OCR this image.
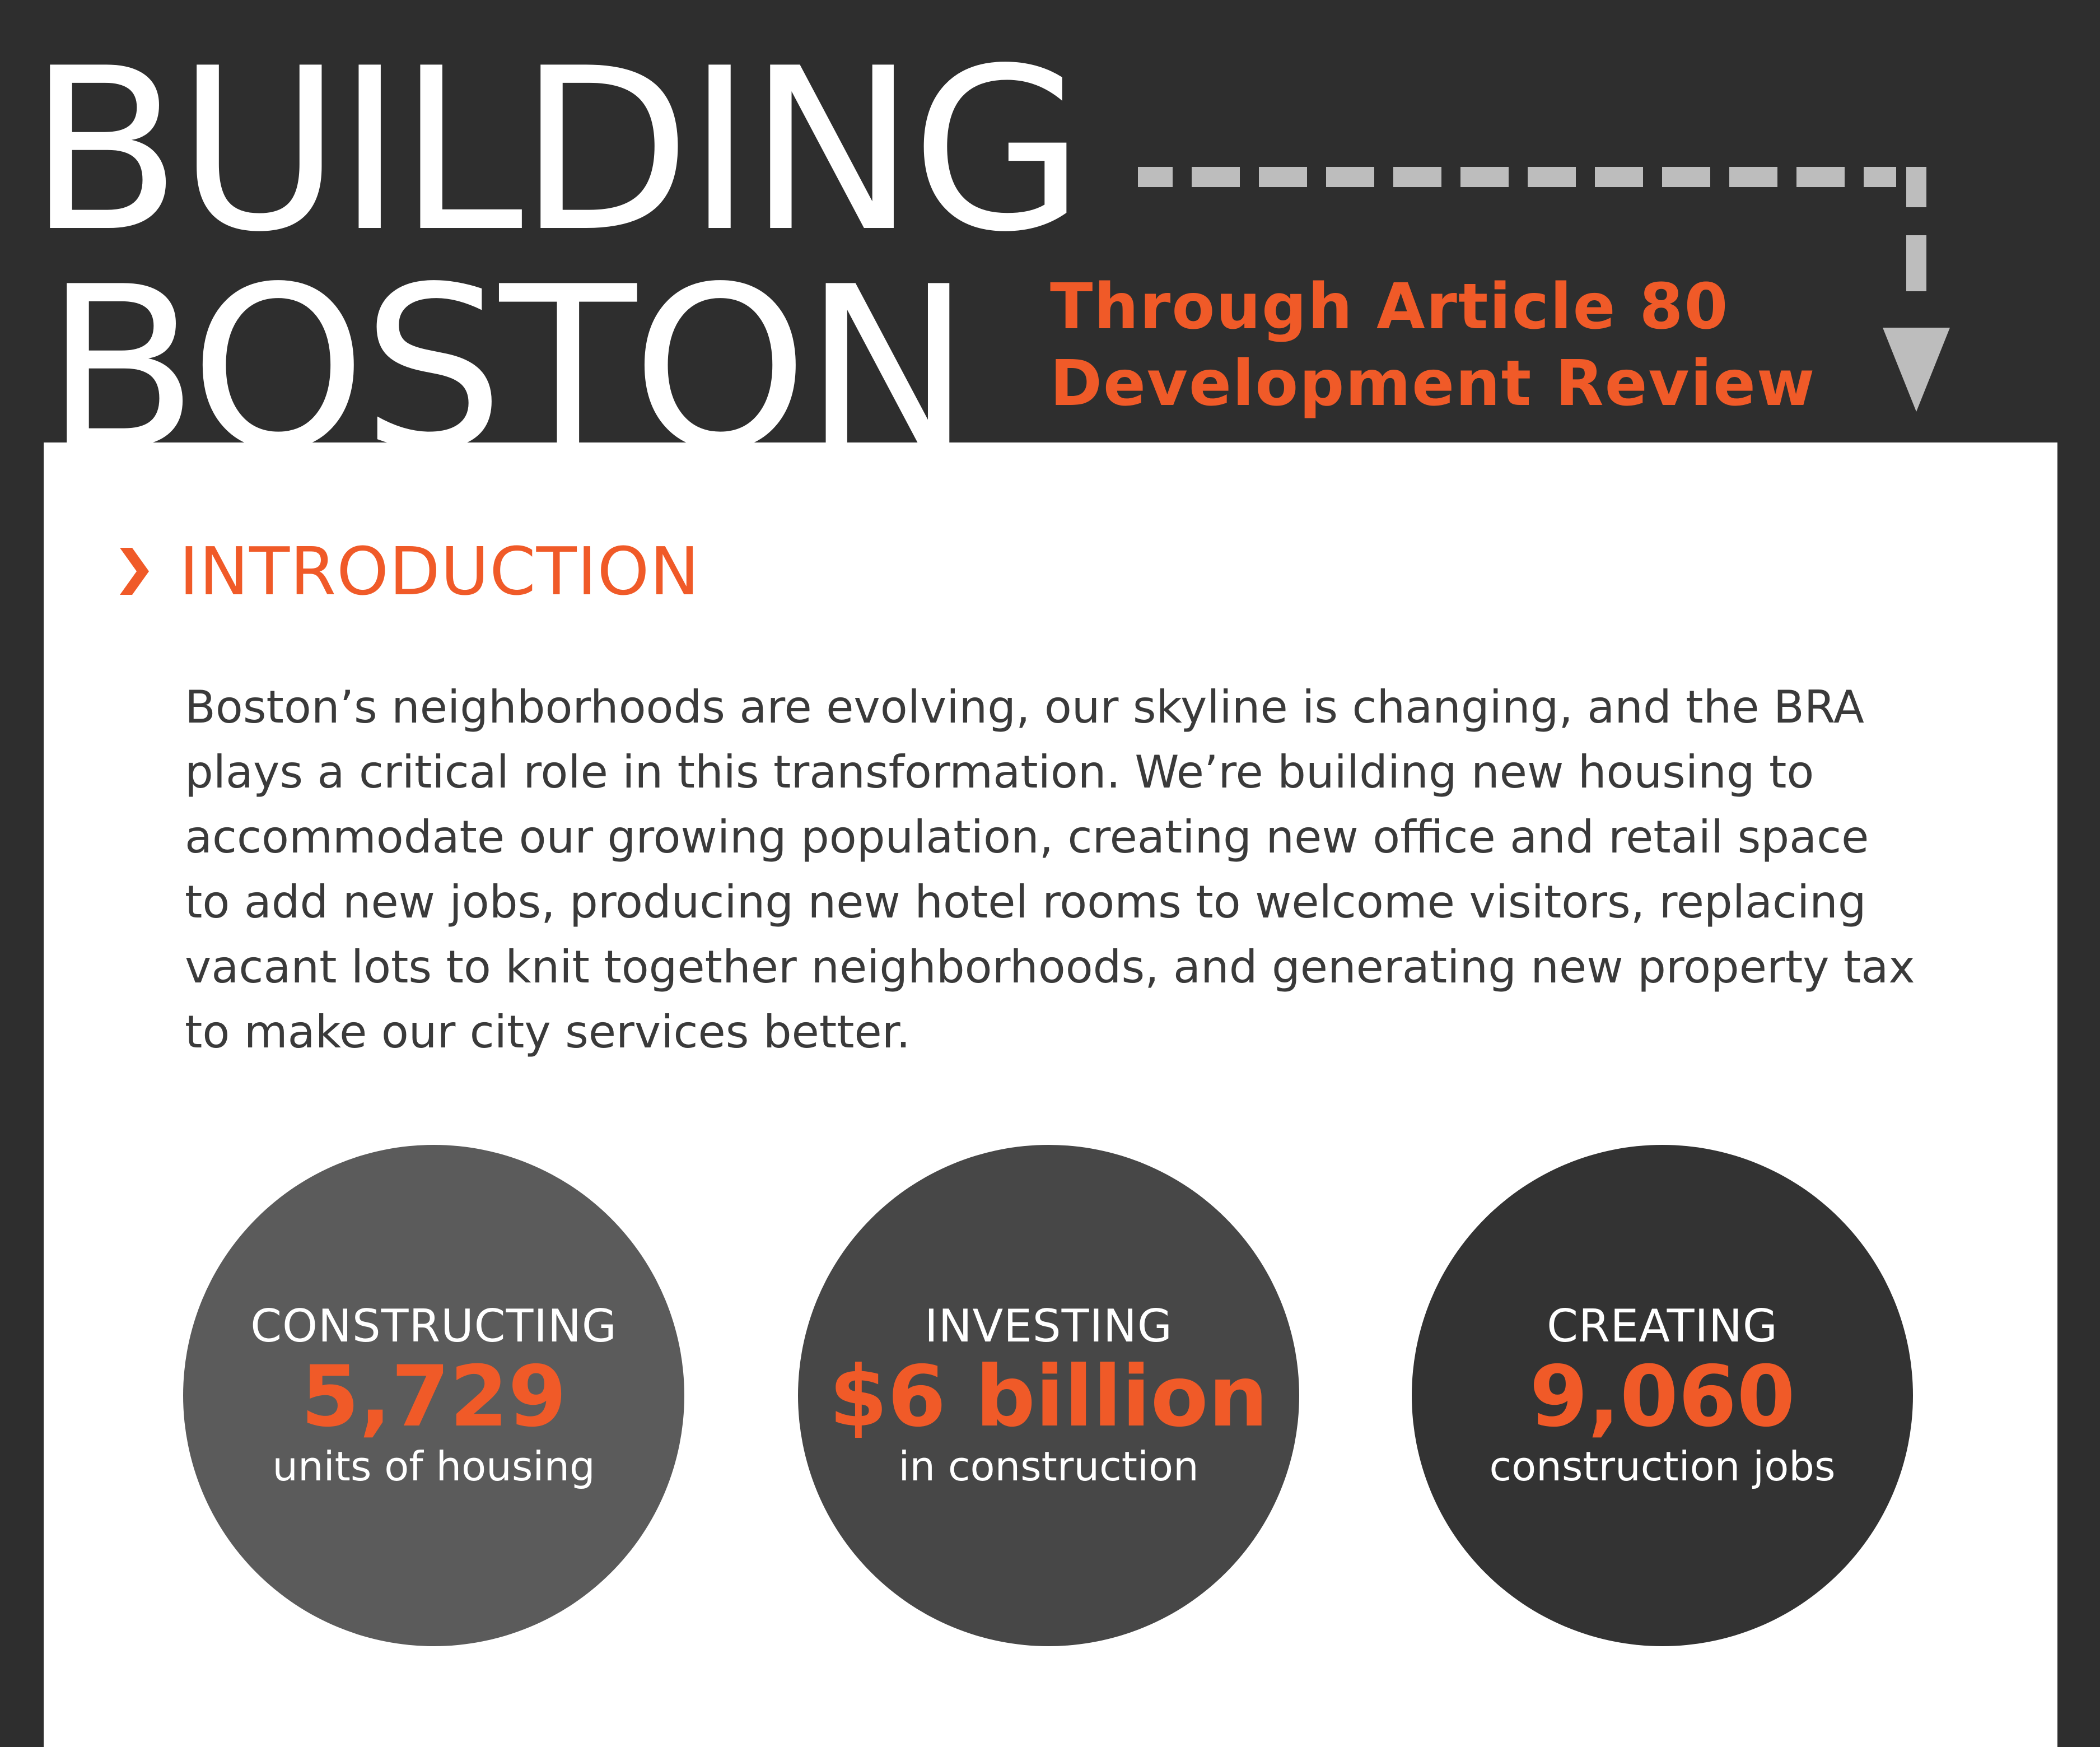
BUILDING
BOSTON Through Article 80
Development Review
INTRODUCTION

Boston’s neighborhoods are evolving, our skyline is changing, and the BRA plays a critical role in this transformation. We’re building new housing to accommodate our growing population, creating new office and retail space to add new jobs, producing new hotel rooms to welcome visitors, replacing vacant lots to knit together neighborhoods, and generating new property tax to make our city services better.

CONSTRUCTING
5,729
units of housing
INVESTING
$6 billion
in construction
CREATING
9,060
construction jobs
